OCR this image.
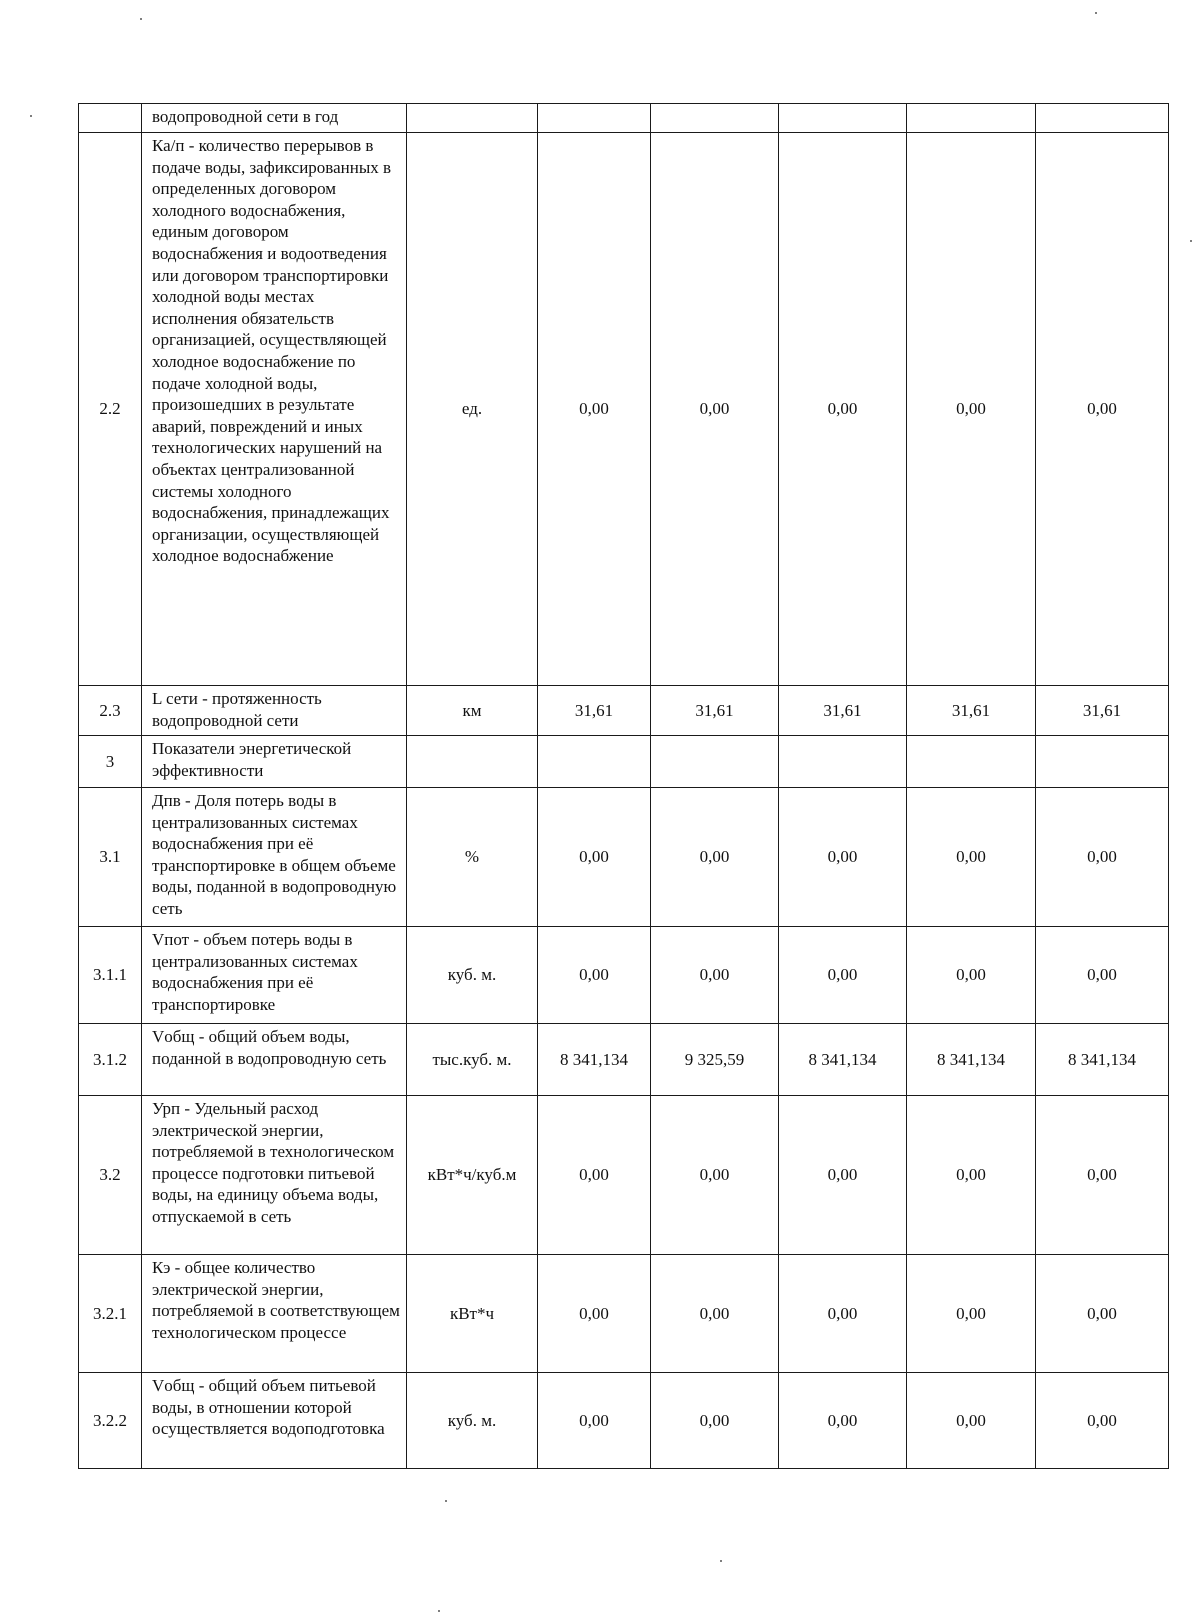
	водопроводной сети в год						
2.2	Ка/п - количество перерывов в подаче воды, зафиксированных в определенных договором холодного водоснабжения, единым договором водоснабжения и водоотведения или договором транспортировки холодной воды местах исполнения обязательств организацией, осуществляющей холодное водоснабжение по подаче холодной воды, произошедших в результате аварий, повреждений и иных технологических нарушений на объектах централизованной системы холодного водоснабжения, принадлежащих организации, осуществляющей холодное водоснабжение	ед.	0,00	0,00	0,00	0,00	0,00
2.3	L сети - протяженность водопроводной сети	км	31,61	31,61	31,61	31,61	31,61
3	Показатели энергетической эффективности						
3.1	Дпв - Доля потерь воды в централизованных системах водоснабжения при её транспортировке в общем объеме воды, поданной в водопроводную сеть	%	0,00	0,00	0,00	0,00	0,00
3.1.1	Vпот - объем потерь воды в централизованных системах водоснабжения при её транспортировке	куб. м.	0,00	0,00	0,00	0,00	0,00
3.1.2	Vобщ - общий объем воды, поданной в водопроводную сеть	тыс.куб. м.	8 341,134	9 325,59	8 341,134	8 341,134	8 341,134
3.2	Урп - Удельный расход электрической энергии, потребляемой в технологическом процессе подготовки питьевой воды, на единицу объема воды, отпускаемой в сеть	кВт*ч/куб.м	0,00	0,00	0,00	0,00	0,00
3.2.1	Кэ - общее количество электрической энергии, потребляемой в соответствующем технологическом процессе	кВт*ч	0,00	0,00	0,00	0,00	0,00
3.2.2	Vобщ - общий объем питьевой воды, в отношении которой осуществляется водоподготовка	куб. м.	0,00	0,00	0,00	0,00	0,00
